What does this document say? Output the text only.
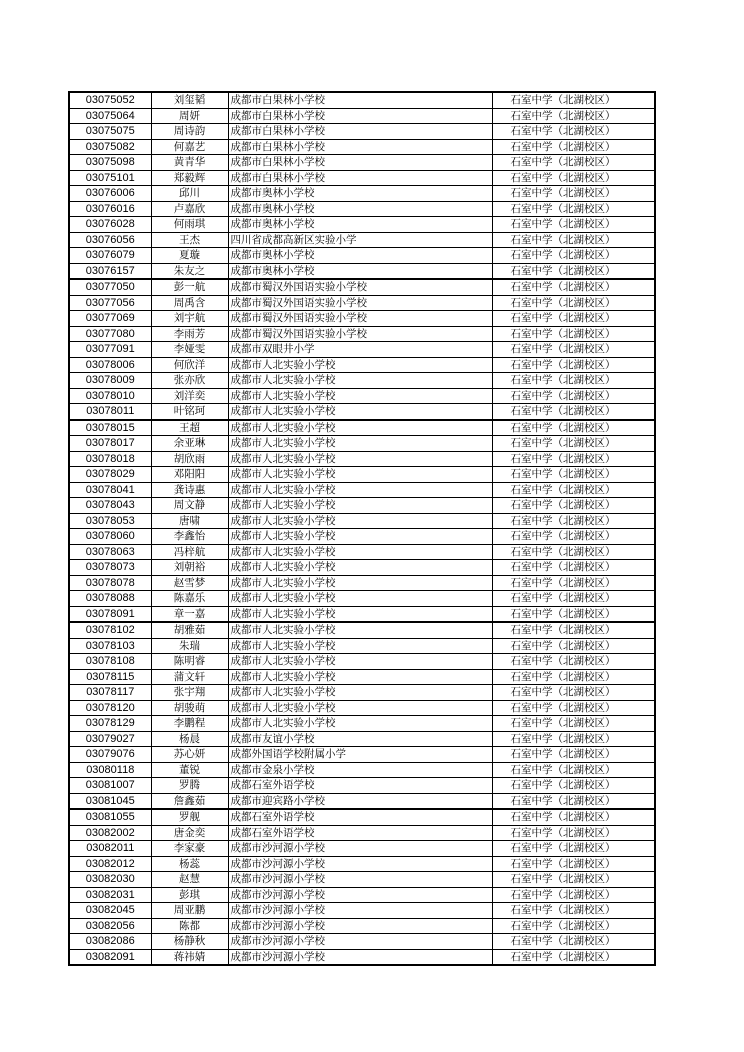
03075052	刘玺韬	成都市白果林小学校	石室中学（北湖校区）
03075064	周妍	成都市白果林小学校	石室中学（北湖校区）
03075075	周诗韵	成都市白果林小学校	石室中学（北湖校区）
03075082	何嘉艺	成都市白果林小学校	石室中学（北湖校区）
03075098	黄青华	成都市白果林小学校	石室中学（北湖校区）
03075101	郑毅辉	成都市白果林小学校	石室中学（北湖校区）
03076006	邱川	成都市奥林小学校	石室中学（北湖校区）
03076016	卢嘉欣	成都市奥林小学校	石室中学（北湖校区）
03076028	何雨琪	成都市奥林小学校	石室中学（北湖校区）
03076056	王杰	四川省成都高新区实验小学	石室中学（北湖校区）
03076079	夏璇	成都市奥林小学校	石室中学（北湖校区）
03076157	朱友之	成都市奥林小学校	石室中学（北湖校区）
03077050	彭一航	成都市蜀汉外国语实验小学校	石室中学（北湖校区）
03077056	周禹含	成都市蜀汉外国语实验小学校	石室中学（北湖校区）
03077069	刘宇航	成都市蜀汉外国语实验小学校	石室中学（北湖校区）
03077080	李雨芳	成都市蜀汉外国语实验小学校	石室中学（北湖校区）
03077091	李娅雯	成都市双眼井小学	石室中学（北湖校区）
03078006	何欣洋	成都市人北实验小学校	石室中学（北湖校区）
03078009	张亦欣	成都市人北实验小学校	石室中学（北湖校区）
03078010	刘洋奕	成都市人北实验小学校	石室中学（北湖校区）
03078011	叶铭珂	成都市人北实验小学校	石室中学（北湖校区）
03078015	王超	成都市人北实验小学校	石室中学（北湖校区）
03078017	余亚琳	成都市人北实验小学校	石室中学（北湖校区）
03078018	胡欣雨	成都市人北实验小学校	石室中学（北湖校区）
03078029	邓阳阳	成都市人北实验小学校	石室中学（北湖校区）
03078041	龚诗惠	成都市人北实验小学校	石室中学（北湖校区）
03078043	周文静	成都市人北实验小学校	石室中学（北湖校区）
03078053	唐啸	成都市人北实验小学校	石室中学（北湖校区）
03078060	李鑫怡	成都市人北实验小学校	石室中学（北湖校区）
03078063	冯梓航	成都市人北实验小学校	石室中学（北湖校区）
03078073	刘朝裕	成都市人北实验小学校	石室中学（北湖校区）
03078078	赵雪梦	成都市人北实验小学校	石室中学（北湖校区）
03078088	陈嘉乐	成都市人北实验小学校	石室中学（北湖校区）
03078091	章一嘉	成都市人北实验小学校	石室中学（北湖校区）
03078102	胡雅茹	成都市人北实验小学校	石室中学（北湖校区）
03078103	朱瑞	成都市人北实验小学校	石室中学（北湖校区）
03078108	陈明睿	成都市人北实验小学校	石室中学（北湖校区）
03078115	蒲文轩	成都市人北实验小学校	石室中学（北湖校区）
03078117	张宇翔	成都市人北实验小学校	石室中学（北湖校区）
03078120	胡骏萌	成都市人北实验小学校	石室中学（北湖校区）
03078129	李鹏程	成都市人北实验小学校	石室中学（北湖校区）
03079027	杨晨	成都市友谊小学校	石室中学（北湖校区）
03079076	苏心妍	成都外国语学校附属小学	石室中学（北湖校区）
03080118	董锐	成都市金泉小学校	石室中学（北湖校区）
03081007	罗腾	成都石室外语学校	石室中学（北湖校区）
03081045	詹鑫茹	成都市迎宾路小学校	石室中学（北湖校区）
03081055	罗舰	成都石室外语学校	石室中学（北湖校区）
03082002	唐金奕	成都石室外语学校	石室中学（北湖校区）
03082011	李家豪	成都市沙河源小学校	石室中学（北湖校区）
03082012	杨蕊	成都市沙河源小学校	石室中学（北湖校区）
03082030	赵慧	成都市沙河源小学校	石室中学（北湖校区）
03082031	彭琪	成都市沙河源小学校	石室中学（北湖校区）
03082045	周亚鹏	成都市沙河源小学校	石室中学（北湖校区）
03082056	陈都	成都市沙河源小学校	石室中学（北湖校区）
03082086	杨静秋	成都市沙河源小学校	石室中学（北湖校区）
03082091	蒋祎婧	成都市沙河源小学校	石室中学（北湖校区）
